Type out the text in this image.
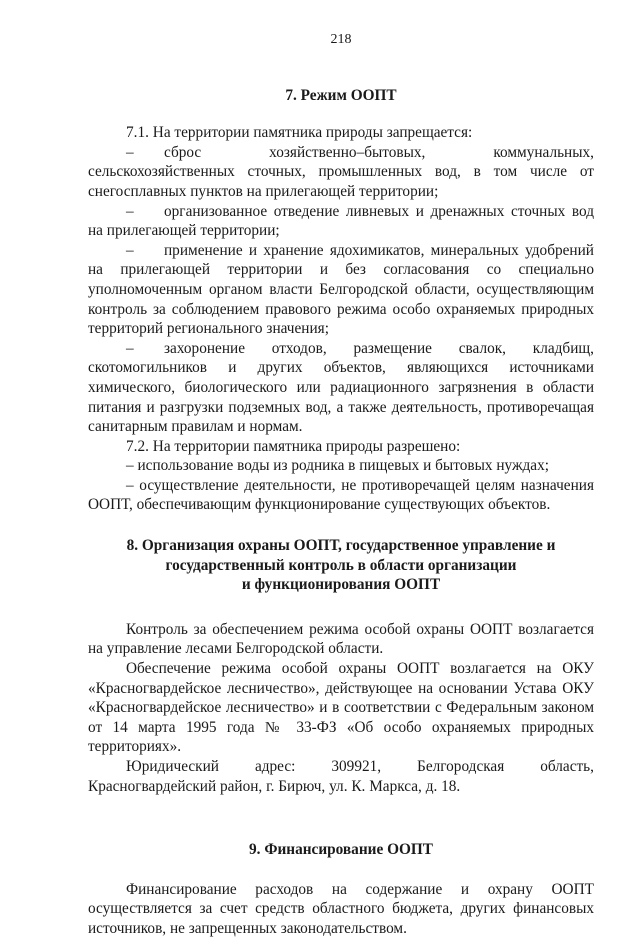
218
7. Режим ООПТ

7.1. На территории памятника природы запрещается:

– сброс хозяйственно–бытовых, коммунальных, сельскохозяйственных сточных, промышленных вод, в том числе от снегосплавных пунктов на прилегающей территории;

– организованное отведение ливневых и дренажных сточных вод на прилегающей территории;

– применение и хранение ядохимикатов, минеральных удобрений на прилегающей территории и без согласования со специально уполномоченным органом власти Белгородской области, осуществляющим контроль за соблюдением правового режима особо охраняемых природных территорий регионального значения;

– захоронение отходов, размещение свалок, кладбищ, скотомогильников и других объектов, являющихся источниками химического, биологического или радиационного загрязнения в области питания и разгрузки подземных вод, а также деятельность, противоречащая санитарным правилам и нормам.

7.2. На территории памятника природы разрешено:

– использование воды из родника в пищевых и бытовых нуждах;

– осуществление деятельности, не противоречащей целям назначения ООПТ, обеспечивающим функционирование существующих объектов.

8. Организация охраны ООПТ, государственное управление и
государственный контроль в области организации
и функционирования ООПТ

Контроль за обеспечением режима особой охраны ООПТ возлагается на управление лесами Белгородской области.

Обеспечение режима особой охраны ООПТ возлагается на ОКУ «Красногвардейское лесничество», действующее на основании Устава ОКУ «Красногвардейское лесничество» и в соответствии с Федеральным законом от 14 марта 1995 года № 33-ФЗ «Об особо охраняемых природных территориях».

Юридический адрес: 309921, Белгородская область, Красногвардейский район, г. Бирюч, ул. К. Маркса, д. 18.

9. Финансирование ООПТ

Финансирование расходов на содержание и охрану ООПТ осуществляется за счет средств областного бюджета, других финансовых источников, не запрещенных законодательством.
